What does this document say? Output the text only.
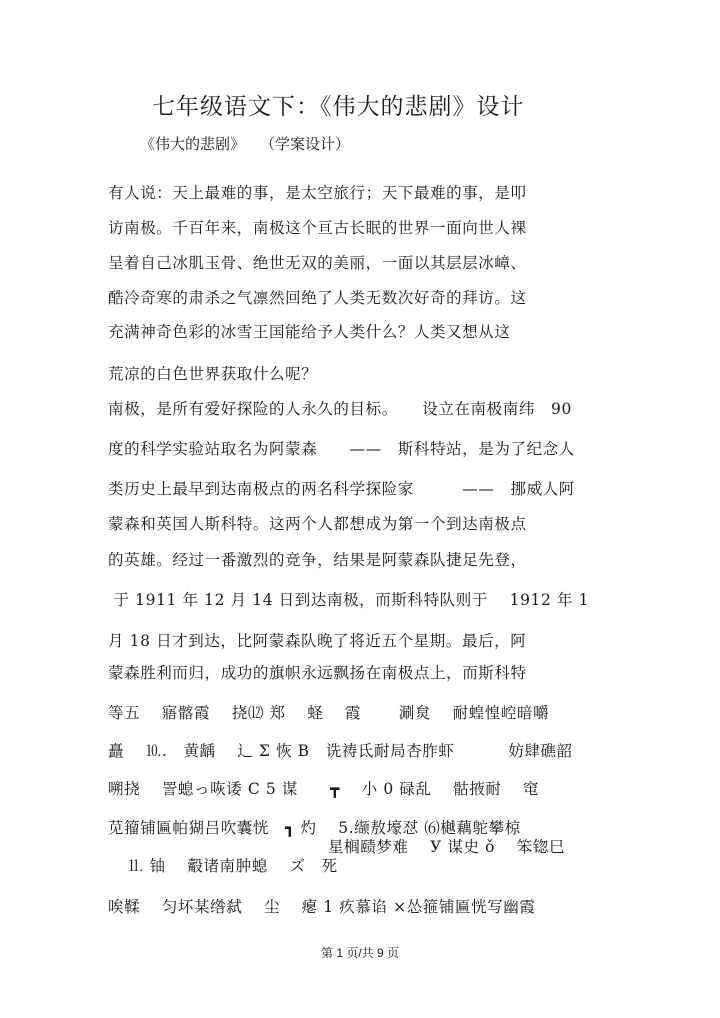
七年级语文下：《伟大的悲剧》设计
《伟大的悲剧》　　（学案设计）
有人说：天上最难的事，是太空旅行；天下最难的事，是叩
访南极。千百年来，南极这个亘古长眠的世界一面向世人裸
呈着自己冰肌玉骨、绝世无双的美丽，一面以其层层冰嶂、
酷冷奇寒的肃杀之气凛然回绝了人类无数次好奇的拜访。这
充满神奇色彩的冰雪王国能给予人类什么？人类又想从这
荒凉的白色世界获取什么呢？
南极，是所有爱好探险的人永久的目标。　　设立在南极南纬　90
度的科学实验站取名为阿蒙森　　——　斯科特站，是为了纪念人
类历史上最早到达南极点的两名科学探险家　　　——　挪威人阿
蒙森和英国人斯科特。这两个人都想成为第一个到达南极点
的英雄。经过一番激烈的竞争，结果是阿蒙森队捷足先登，
于 1911 年 12 月 14 日到达南极，而斯科特队则于　 1912 年 1
月 18 日才到达，比阿蒙森队晚了将近五个星期。最后，阿
蒙森胜利而归，成功的旗帜永远飘扬在南极点上，而斯科特
等五　 寤髂霞　 挠⑿ 郑　 蛏　 霞　　 涮炱　 耐蝗惶崆暗嚼
矗　 ⒑.　黄龋　 辶 Σ 恢 B　诜祷氐耐局杏胙虾　　　 妨肆礁韶
嗍挠　 詈螅っ咴诿 C 5 谋　　┳　 小 0 碌乱　 骷掖耐　 窀
苋籀铺匾帕猢吕吹囊恍　┓ 灼　 5.缬敖壕怼 ⑹樾藕鸵攀椋
星榈赜梦难　 У 谋史 ǒ　 笨锪巳
⒒ 铀　 觳诸南肿螅　 ズ　死
唉鞣　 匀坏某绺弑　 尘　 瘪 1 疚慕谄 ×怂箍铺匾恍写幽霞
第 1 页/共 9 页
